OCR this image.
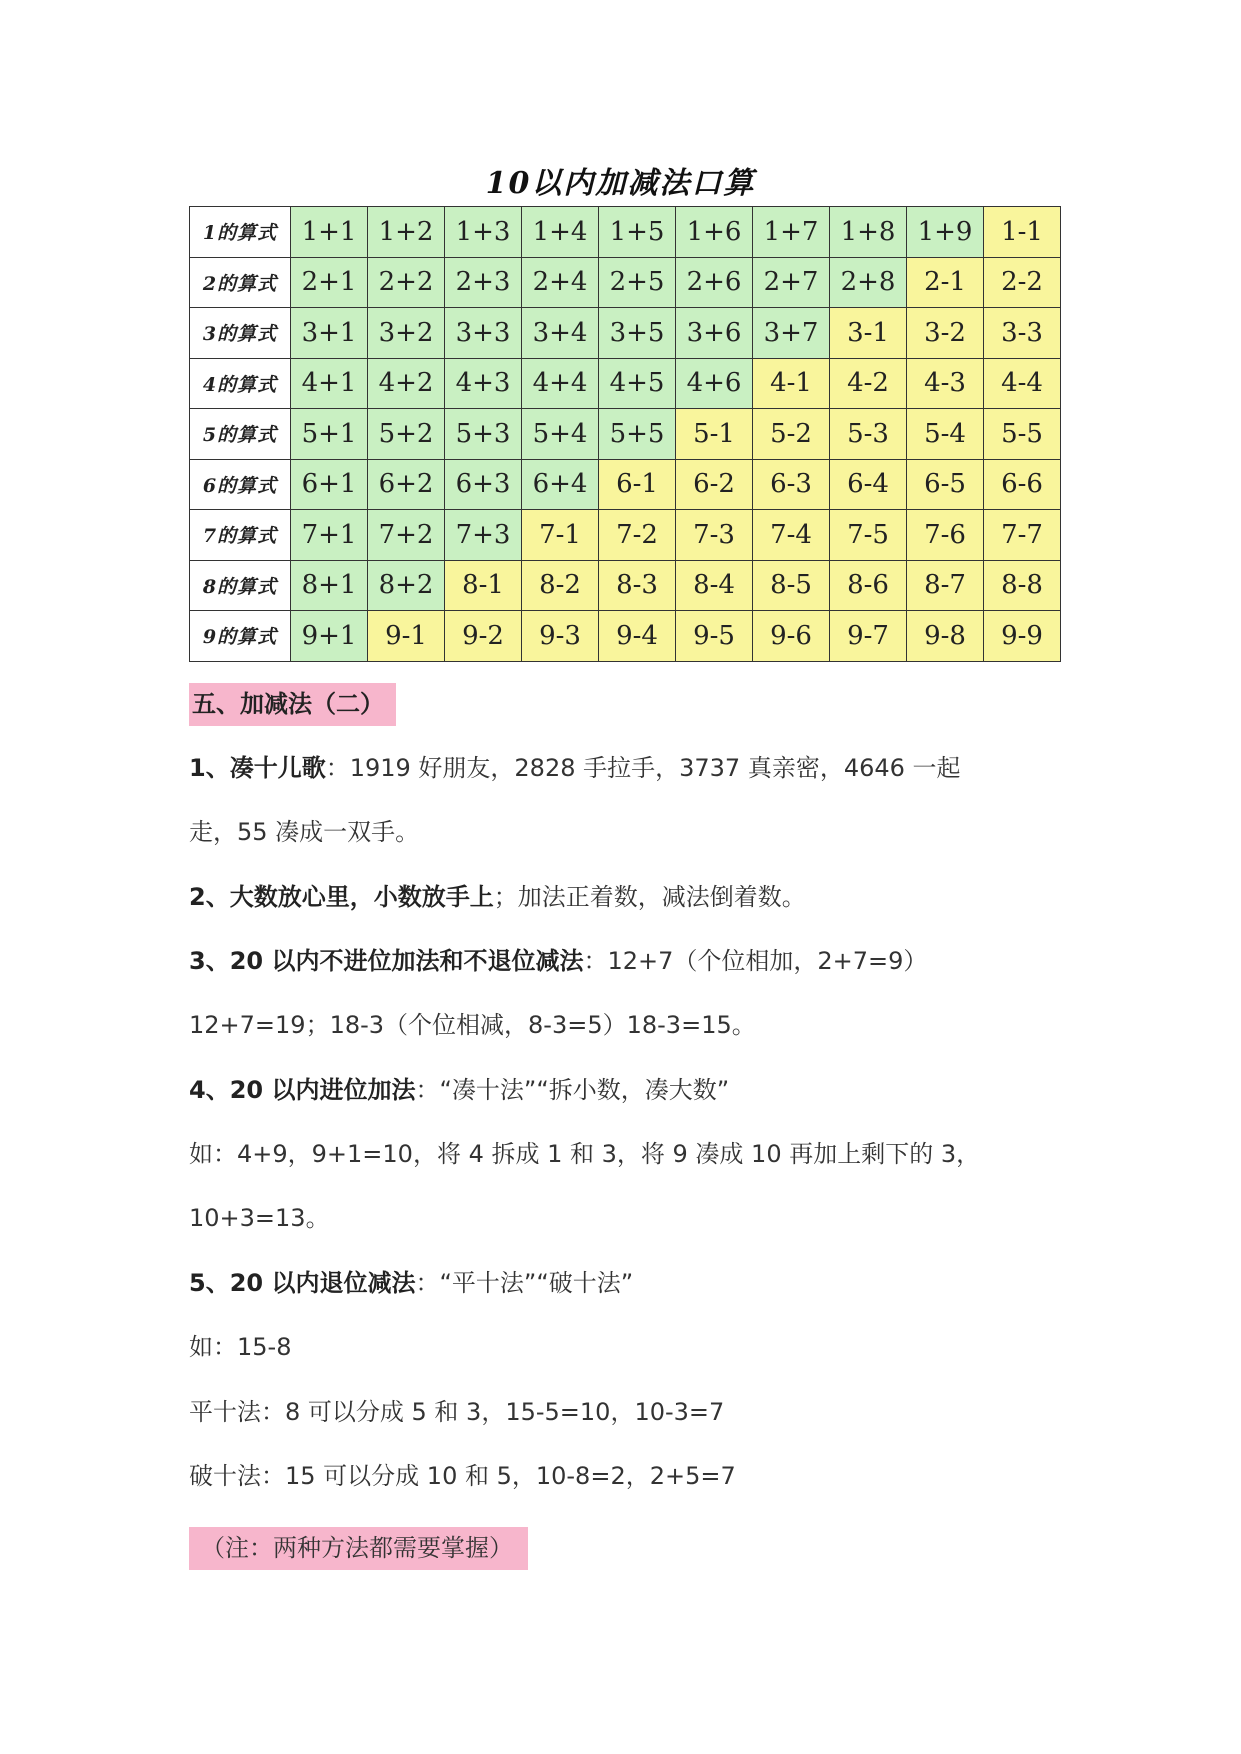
10以内加减法口算
1的算式	1+1	1+2	1+3	1+4	1+5	1+6	1+7	1+8	1+9	1-1
2的算式	2+1	2+2	2+3	2+4	2+5	2+6	2+7	2+8	2-1	2-2
3的算式	3+1	3+2	3+3	3+4	3+5	3+6	3+7	3-1	3-2	3-3
4的算式	4+1	4+2	4+3	4+4	4+5	4+6	4-1	4-2	4-3	4-4
5的算式	5+1	5+2	5+3	5+4	5+5	5-1	5-2	5-3	5-4	5-5
6的算式	6+1	6+2	6+3	6+4	6-1	6-2	6-3	6-4	6-5	6-6
7的算式	7+1	7+2	7+3	7-1	7-2	7-3	7-4	7-5	7-6	7-7
8的算式	8+1	8+2	8-1	8-2	8-3	8-4	8-5	8-6	8-7	8-8
9的算式	9+1	9-1	9-2	9-3	9-4	9-5	9-6	9-7	9-8	9-9
五、加减法（二）
1、凑十儿歌：1919 好朋友，2828 手拉手，3737 真亲密，4646 一起
走，55 凑成一双手。
2、大数放心里，小数放手上；加法正着数，减法倒着数。
3、20 以内不进位加法和不退位减法：12+7（个位相加，2+7=9）
12+7=19；18-3（个位相减，8-3=5）18-3=15。
4、20 以内进位加法：“凑十法”“拆小数，凑大数”
如：4+9，9+1=10，将 4 拆成 1 和 3，将 9 凑成 10 再加上剩下的 3，
10+3=13。
5、20 以内退位减法：“平十法”“破十法”
如：15-8
平十法：8 可以分成 5 和 3，15-5=10，10-3=7
破十法：15 可以分成 10 和 5，10-8=2，2+5=7
（注：两种方法都需要掌握）
